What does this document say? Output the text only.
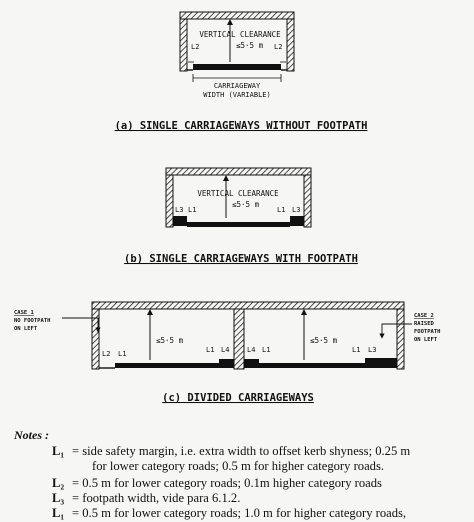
VERTICAL CLEARANCE
≤5·5 m
L2	L2
CARRIAGEWAY
WIDTH (VARIABLE)
(a) SINGLE CARRIAGEWAYS WITHOUT FOOTPATH
VERTICAL CLEARANCE
≤5·5 m
L3 L1	L1 L3
(b) SINGLE CARRIAGEWAYS WITH FOOTPATH
≤5·5 m	≤5·5 m
L2 L1	L1 L4	L4 L1	L1 L3
CASE 1
NO FOOTPATH
ON LEFT
CASE 2
RAISED
FOOTPATH
ON LEFT
(c) DIVIDED CARRIAGEWAYS
Notes :
L₁ = side safety margin, i.e. extra width to offset kerb shyness; 0.25 m
for lower category roads; 0.5 m for higher category roads.
L₂ = 0.5 m for lower category roads; 0.1m higher category roads
L₃ = footpath width, vide para 6.1.2.
L₁ = 0.5 m for lower category roads; 1.0 m for higher category roads,
